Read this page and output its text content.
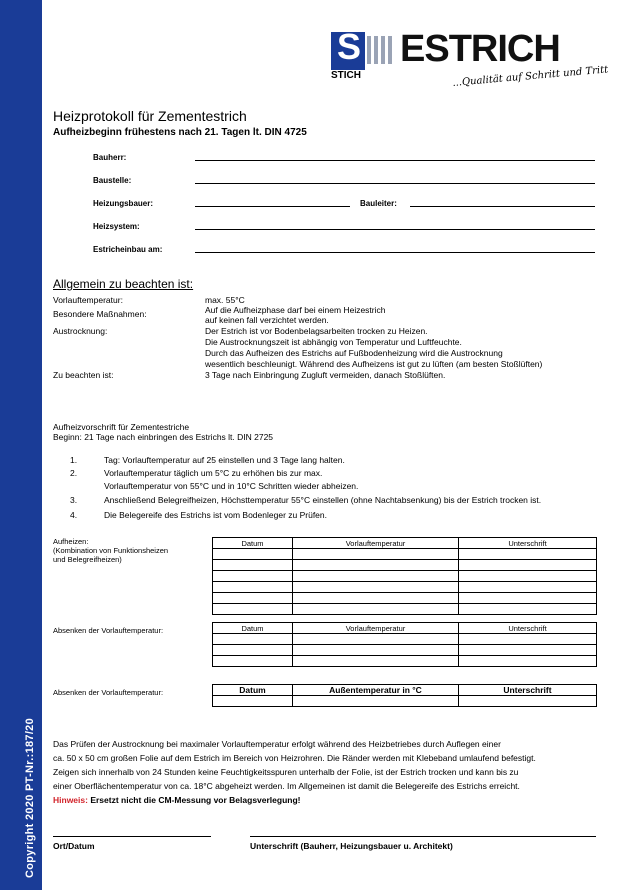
Copyright 2020 PT-Nr.:187/20
S ESTRICH
STICH	...Qualität auf Schritt und Tritt
Heizprotokoll für Zementestrich
Aufheizbeginn frühestens nach 21. Tagen lt. DIN 4725
Bauherr:
Baustelle:
Heizungsbauer:	Bauleiter:
Heizsystem:
Estricheinbau am:
Allgemein zu beachten ist:
Vorlauftemperatur:	max. 55°C
Besondere Maßnahmen:	Auf die Aufheizphase darf bei einem Heizestrich
auf keinen fall verzichtet werden.
Austrocknung:	Der Estrich ist vor Bodenbelagsarbeiten trocken zu Heizen.
Die Austrocknungszeit ist abhängig von Temperatur und Luftfeuchte.
Durch das Aufheizen des Estrichs auf Fußbodenheizung wird die Austrocknung
wesentlich beschleunigt. Während des Aufheizens ist gut zu lüften (am besten Stoßlüften)
Zu beachten ist:	3 Tage nach Einbringung Zugluft vermeiden, danach Stoßlüften.
Aufheizvorschrift für Zementestriche
Beginn: 21 Tage nach einbringen des Estrichs lt. DIN 2725
1.	Tag: Vorlauftemperatur auf 25 einstellen und 3 Tage lang halten.
2.	Vorlauftemperatur täglich um 5°C zu erhöhen bis zur max.
Vorlauftemperatur von 55°C und in 10°C Schritten wieder abheizen.
3.	Anschließend Belegreifheizen, Höchsttemperatur 55°C einstellen (ohne Nachtabsenkung) bis der Estrich trocken ist.
4.	Die Belegereife des Estrichs ist vom Bodenleger zu Prüfen.
Aufheizen:
(Kombination von Funktionsheizen
und Belegreifheizen)
Datum	Vorlauftemperatur	Unterschrift

Absenken der Vorlauftemperatur:	Datum	Vorlauftemperatur	Unterschrift

Absenken der Vorlauftemperatur:	Datum	Außentemperatur in °C	Unterschrift

Das Prüfen der Austrocknung bei maximaler Vorlauftemperatur erfolgt während des Heizbetriebes durch Auflegen einer
ca. 50 x 50 cm großen Folie auf dem Estrich im Bereich von Heizrohren. Die Ränder werden mit Klebeband umlaufend befestigt.
Zeigen sich innerhalb von 24 Stunden keine Feuchtigkeitsspuren unterhalb der Folie, ist der Estrich trocken und kann bis zu
einer Oberflächentemperatur von ca. 18°C abgeheizt werden. Im Allgemeinen ist damit die Belegereife des Estrichs erreicht.
Hinweis: Ersetzt nicht die CM-Messung vor Belagsverlegung!
Ort/Datum	Unterschrift (Bauherr, Heizungsbauer u. Architekt)
